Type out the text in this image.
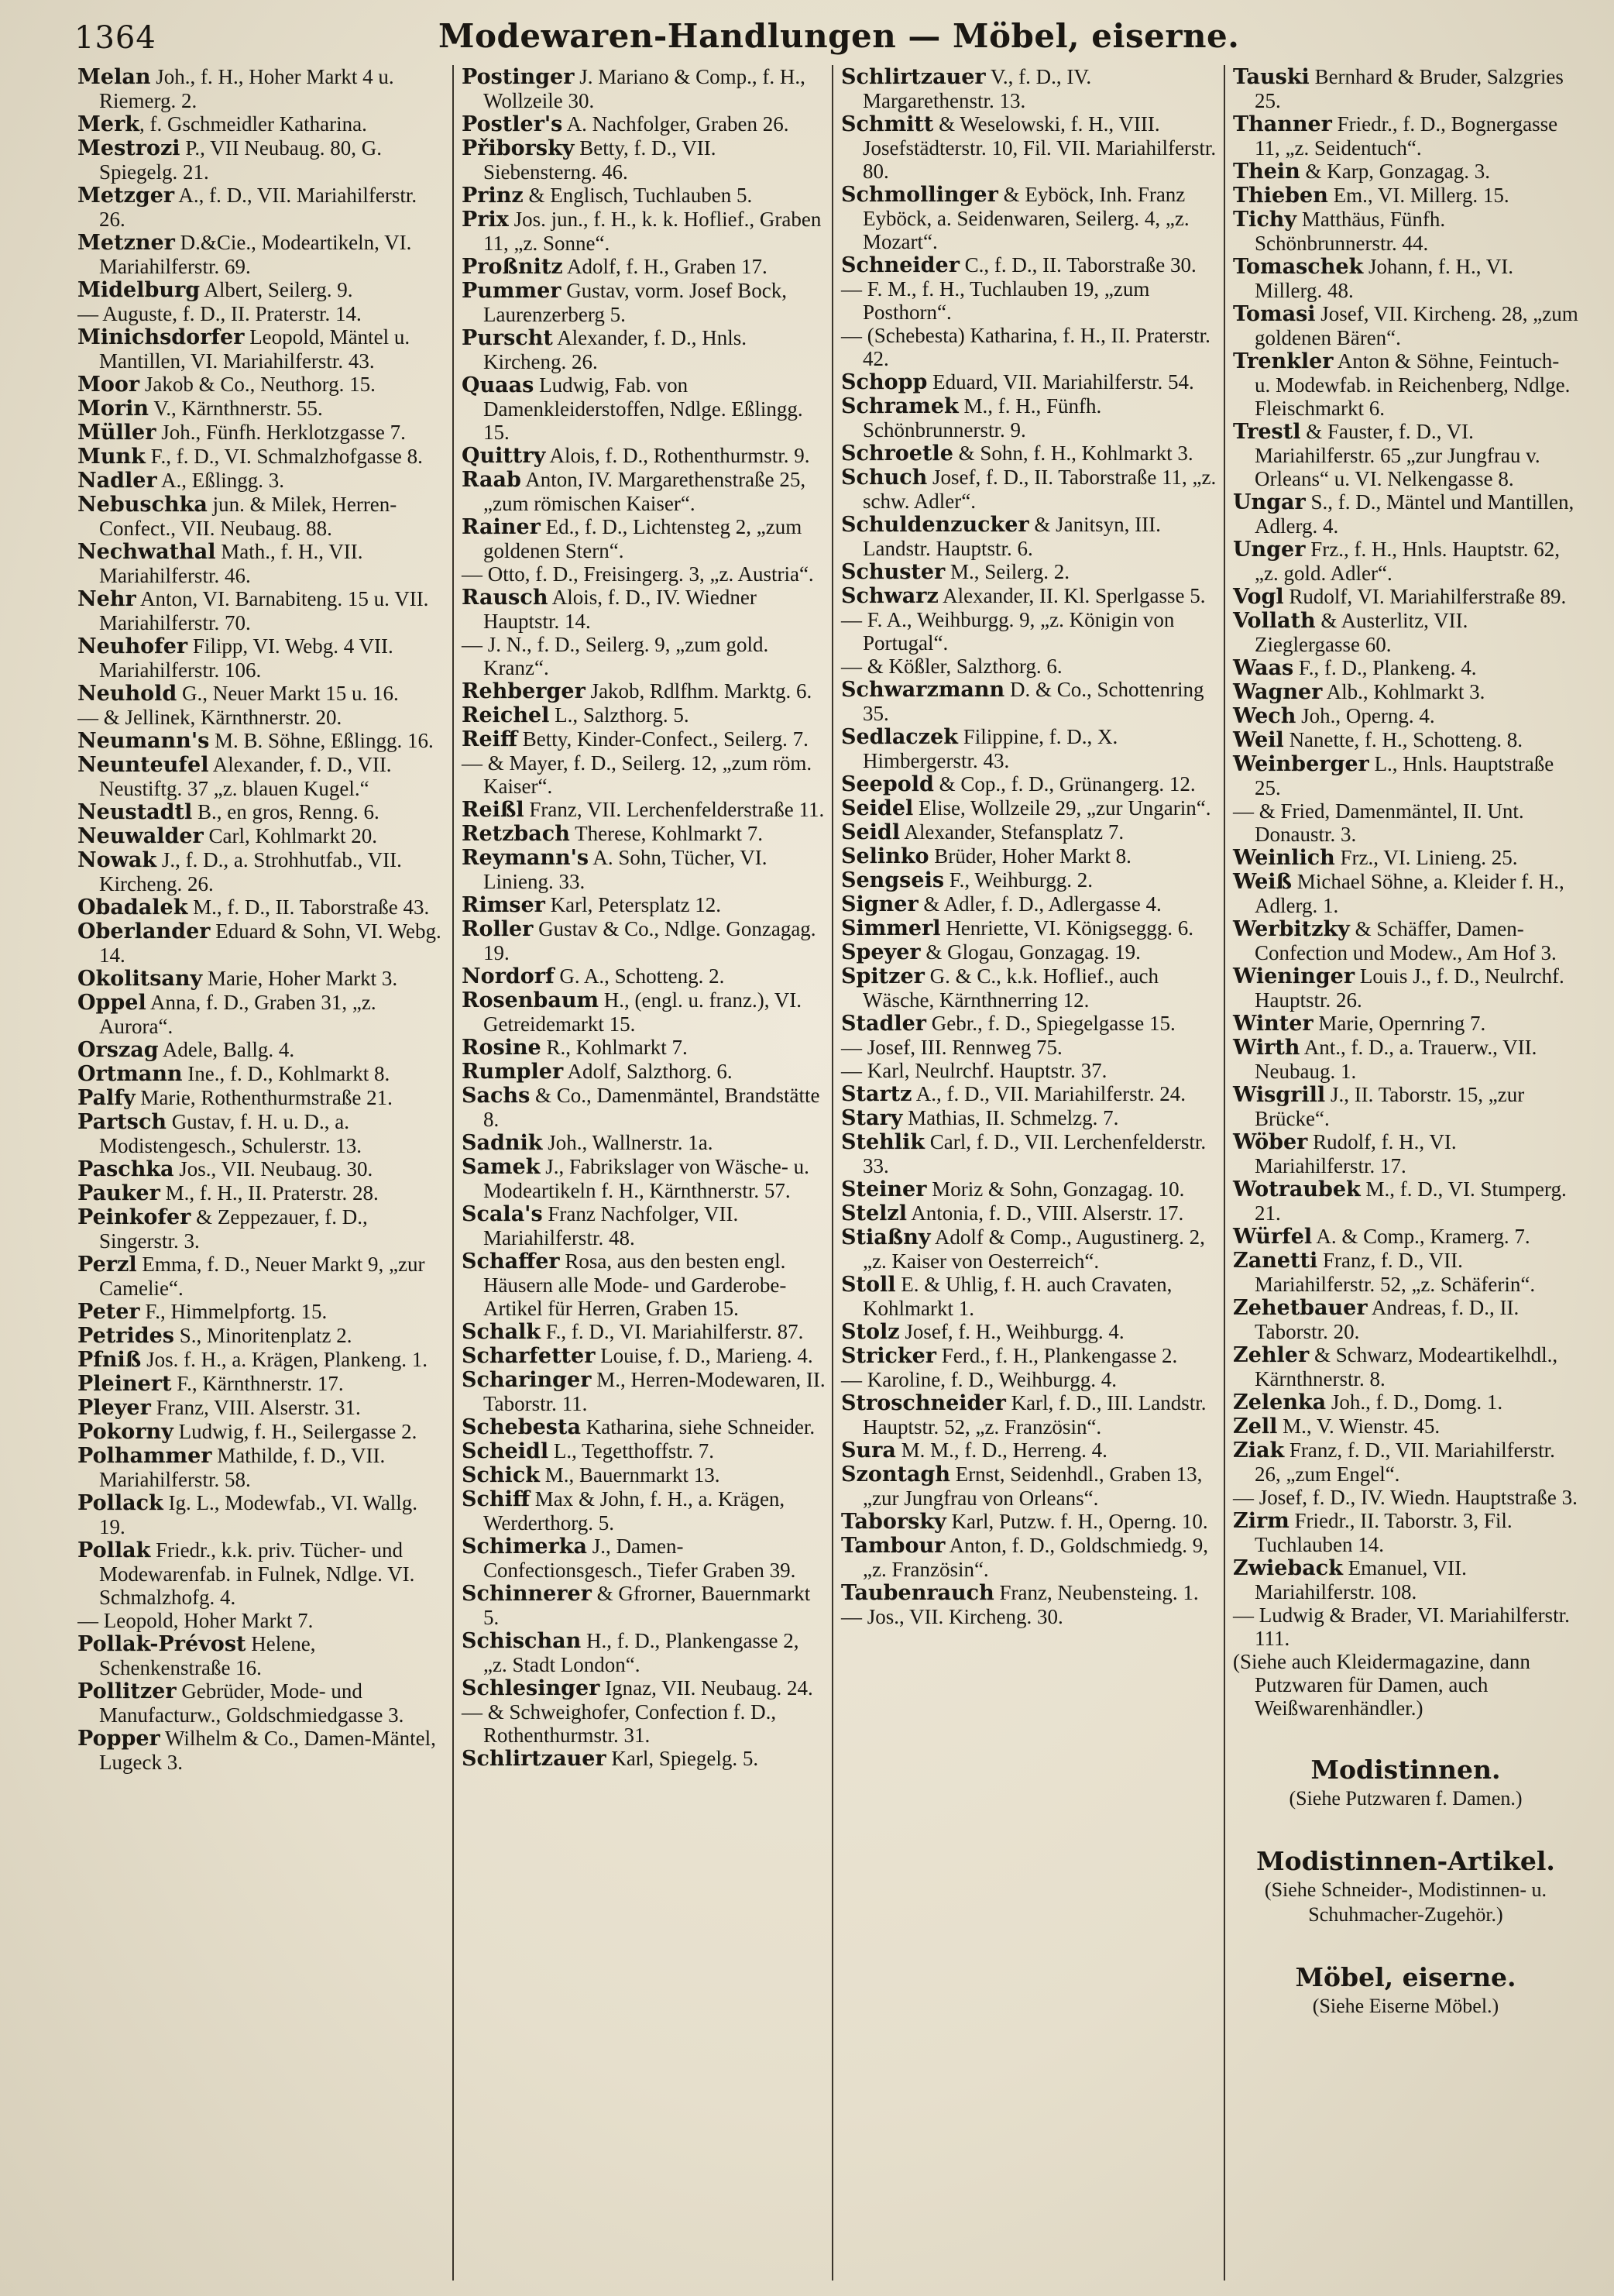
1364	Modewaren-Handlungen — Möbel, eiserne.

Melan Joh., f. H., Hoher Markt 4 u. Riemerg. 2.

Merk, f. Gschmeidler Katharina.

Mestrozi P., VII Neubaug. 80, G. Spiegelg. 21.

Metzger A., f. D., VII. Mariahilferstr. 26.

Metzner D.&Cie., Modeartikeln, VI. Mariahilferstr. 69.

Midelburg Albert, Seilerg. 9.

— Auguste, f. D., II. Praterstr. 14.

Minichsdorfer Leopold, Mäntel u. Mantillen, VI. Mariahilferstr. 43.

Moor Jakob & Co., Neuthorg. 15.

Morin V., Kärnthnerstr. 55.

Müller Joh., Fünfh. Herklotzgasse 7.

Munk F., f. D., VI. Schmalzhofgasse 8.

Nadler A., Eßlingg. 3.

Nebuschka jun. & Milek, Herren-Confect., VII. Neubaug. 88.

Nechwathal Math., f. H., VII. Mariahilferstr. 46.

Nehr Anton, VI. Barnabiteng. 15 u. VII. Mariahilferstr. 70.

Neuhofer Filipp, VI. Webg. 4 VII. Mariahilferstr. 106.

Neuhold G., Neuer Markt 15 u. 16.

— & Jellinek, Kärnthnerstr. 20.

Neumann's M. B. Söhne, Eßlingg. 16.

Neunteufel Alexander, f. D., VII. Neustiftg. 37 „z. blauen Kugel.“

Neustadtl B., en gros, Renng. 6.

Neuwalder Carl, Kohlmarkt 20.

Nowak J., f. D., a. Strohhutfab., VII. Kircheng. 26.

Obadalek M., f. D., II. Taborstraße 43.

Oberlander Eduard & Sohn, VI. Webg. 14.

Okolitsany Marie, Hoher Markt 3.

Oppel Anna, f. D., Graben 31, „z. Aurora“.

Orszag Adele, Ballg. 4.

Ortmann Ine., f. D., Kohlmarkt 8.

Palfy Marie, Rothenthurmstraße 21.

Partsch Gustav, f. H. u. D., a. Modistengesch., Schulerstr. 13.

Paschka Jos., VII. Neubaug. 30.

Pauker M., f. H., II. Praterstr. 28.

Peinkofer & Zeppezauer, f. D., Singerstr. 3.

Perzl Emma, f. D., Neuer Markt 9, „zur Camelie“.

Peter F., Himmelpfortg. 15.

Petrides S., Minoritenplatz 2.

Pfniß Jos. f. H., a. Krägen, Plankeng. 1.

Pleinert F., Kärnthnerstr. 17.

Pleyer Franz, VIII. Alserstr. 31.

Pokorny Ludwig, f. H., Seilergasse 2.

Polhammer Mathilde, f. D., VII. Mariahilferstr. 58.

Pollack Ig. L., Modewfab., VI. Wallg. 19.

Pollak Friedr., k.k. priv. Tücher- und Modewarenfab. in Fulnek, Ndlge. VI. Schmalzhofg. 4.

— Leopold, Hoher Markt 7.

Pollak-Prévost Helene, Schenkenstraße 16.

Pollitzer Gebrüder, Mode- und Manufacturw., Goldschmiedgasse 3.

Popper Wilhelm & Co., Damen-Mäntel, Lugeck 3.

Postinger J. Mariano & Comp., f. H., Wollzeile 30.

Postler's A. Nachfolger, Graben 26.

Přiborsky Betty, f. D., VII. Siebensterng. 46.

Prinz & Englisch, Tuchlauben 5.

Prix Jos. jun., f. H., k. k. Hoflief., Graben 11, „z. Sonne“.

Proßnitz Adolf, f. H., Graben 17.

Pummer Gustav, vorm. Josef Bock, Laurenzerberg 5.

Purscht Alexander, f. D., Hnls. Kircheng. 26.

Quaas Ludwig, Fab. von Damenkleiderstoffen, Ndlge. Eßlingg. 15.

Quittry Alois, f. D., Rothenthurmstr. 9.

Raab Anton, IV. Margarethenstraße 25, „zum römischen Kaiser“.

Rainer Ed., f. D., Lichtensteg 2, „zum goldenen Stern“.

— Otto, f. D., Freisingerg. 3, „z. Austria“.

Rausch Alois, f. D., IV. Wiedner Hauptstr. 14.

— J. N., f. D., Seilerg. 9, „zum gold. Kranz“.

Rehberger Jakob, Rdlfhm. Marktg. 6.

Reichel L., Salzthorg. 5.

Reiff Betty, Kinder-Confect., Seilerg. 7.

— & Mayer, f. D., Seilerg. 12, „zum röm. Kaiser“.

Reißl Franz, VII. Lerchenfelderstraße 11.

Retzbach Therese, Kohlmarkt 7.

Reymann's A. Sohn, Tücher, VI. Linieng. 33.

Rimser Karl, Petersplatz 12.

Roller Gustav & Co., Ndlge. Gonzagag. 19.

Nordorf G. A., Schotteng. 2.

Rosenbaum H., (engl. u. franz.), VI. Getreidemarkt 15.

Rosine R., Kohlmarkt 7.

Rumpler Adolf, Salzthorg. 6.

Sachs & Co., Damenmäntel, Brandstätte 8.

Sadnik Joh., Wallnerstr. 1a.

Samek J., Fabrikslager von Wäsche- u. Modeartikeln f. H., Kärnthnerstr. 57.

Scala's Franz Nachfolger, VII. Mariahilferstr. 48.

Schaffer Rosa, aus den besten engl. Häusern alle Mode- und Garderobe-Artikel für Herren, Graben 15.

Schalk F., f. D., VI. Mariahilferstr. 87.

Scharfetter Louise, f. D., Marieng. 4.

Scharinger M., Herren-Modewaren, II. Taborstr. 11.

Schebesta Katharina, siehe Schneider.

Scheidl L., Tegetthoffstr. 7.

Schick M., Bauernmarkt 13.

Schiff Max & John, f. H., a. Krägen, Werderthorg. 5.

Schimerka J., Damen-Confectionsgesch., Tiefer Graben 39.

Schinnerer & Gfrorner, Bauernmarkt 5.

Schischan H., f. D., Plankengasse 2, „z. Stadt London“.

Schlesinger Ignaz, VII. Neubaug. 24.

— & Schweighofer, Confection f. D., Rothenthurmstr. 31.

Schlirtzauer Karl, Spiegelg. 5.

Schlirtzauer V., f. D., IV. Margarethenstr. 13.

Schmitt & Weselowski, f. H., VIII. Josefstädterstr. 10, Fil. VII. Mariahilferstr. 80.

Schmollinger & Eyböck, Inh. Franz Eyböck, a. Seidenwaren, Seilerg. 4, „z. Mozart“.

Schneider C., f. D., II. Taborstraße 30.

— F. M., f. H., Tuchlauben 19, „zum Posthorn“.

— (Schebesta) Katharina, f. H., II. Praterstr. 42.

Schopp Eduard, VII. Mariahilferstr. 54.

Schramek M., f. H., Fünfh. Schönbrunnerstr. 9.

Schroetle & Sohn, f. H., Kohlmarkt 3.

Schuch Josef, f. D., II. Taborstraße 11, „z. schw. Adler“.

Schuldenzucker & Janitsyn, III. Landstr. Hauptstr. 6.

Schuster M., Seilerg. 2.

Schwarz Alexander, II. Kl. Sperlgasse 5.

— F. A., Weihburgg. 9, „z. Königin von Portugal“.

— & Kößler, Salzthorg. 6.

Schwarzmann D. & Co., Schottenring 35.

Sedlaczek Filippine, f. D., X. Himbergerstr. 43.

Seepold & Cop., f. D., Grünangerg. 12.

Seidel Elise, Wollzeile 29, „zur Ungarin“.

Seidl Alexander, Stefansplatz 7.

Selinko Brüder, Hoher Markt 8.

Sengseis F., Weihburgg. 2.

Signer & Adler, f. D., Adlergasse 4.

Simmerl Henriette, VI. Königseggg. 6.

Speyer & Glogau, Gonzagag. 19.

Spitzer G. & C., k.k. Hoflief., auch Wäsche, Kärnthnerring 12.

Stadler Gebr., f. D., Spiegelgasse 15.

— Josef, III. Rennweg 75.

— Karl, Neulrchf. Hauptstr. 37.

Startz A., f. D., VII. Mariahilferstr. 24.

Stary Mathias, II. Schmelzg. 7.

Stehlik Carl, f. D., VII. Lerchenfelderstr. 33.

Steiner Moriz & Sohn, Gonzagag. 10.

Stelzl Antonia, f. D., VIII. Alserstr. 17.

Stiaßny Adolf & Comp., Augustinerg. 2, „z. Kaiser von Oesterreich“.

Stoll E. & Uhlig, f. H. auch Cravaten, Kohlmarkt 1.

Stolz Josef, f. H., Weihburgg. 4.

Stricker Ferd., f. H., Plankengasse 2.

— Karoline, f. D., Weihburgg. 4.

Stroschneider Karl, f. D., III. Landstr. Hauptstr. 52, „z. Französin“.

Sura M. M., f. D., Herreng. 4.

Szontagh Ernst, Seidenhdl., Graben 13, „zur Jungfrau von Orleans“.

Taborsky Karl, Putzw. f. H., Operng. 10.

Tambour Anton, f. D., Goldschmiedg. 9, „z. Französin“.

Taubenrauch Franz, Neubensteing. 1.

— Jos., VII. Kircheng. 30.

Tauski Bernhard & Bruder, Salzgries 25.

Thanner Friedr., f. D., Bognergasse 11, „z. Seidentuch“.

Thein & Karp, Gonzagag. 3.

Thieben Em., VI. Millerg. 15.

Tichy Matthäus, Fünfh. Schönbrunnerstr. 44.

Tomaschek Johann, f. H., VI. Millerg. 48.

Tomasi Josef, VII. Kircheng. 28, „zum goldenen Bären“.

Trenkler Anton & Söhne, Feintuch- u. Modewfab. in Reichenberg, Ndlge. Fleischmarkt 6.

Trestl & Fauster, f. D., VI. Mariahilferstr. 65 „zur Jungfrau v. Orleans“ u. VI. Nelkengasse 8.

Ungar S., f. D., Mäntel und Mantillen, Adlerg. 4.

Unger Frz., f. H., Hnls. Hauptstr. 62, „z. gold. Adler“.

Vogl Rudolf, VI. Mariahilferstraße 89.

Vollath & Austerlitz, VII. Zieglergasse 60.

Waas F., f. D., Plankeng. 4.

Wagner Alb., Kohlmarkt 3.

Wech Joh., Operng. 4.

Weil Nanette, f. H., Schotteng. 8.

Weinberger L., Hnls. Hauptstraße 25.

— & Fried, Damenmäntel, II. Unt. Donaustr. 3.

Weinlich Frz., VI. Linieng. 25.

Weiß Michael Söhne, a. Kleider f. H., Adlerg. 1.

Werbitzky & Schäffer, Damen-Confection und Modew., Am Hof 3.

Wieninger Louis J., f. D., Neulrchf. Hauptstr. 26.

Winter Marie, Opernring 7.

Wirth Ant., f. D., a. Trauerw., VII. Neubaug. 1.

Wisgrill J., II. Taborstr. 15, „zur Brücke“.

Wöber Rudolf, f. H., VI. Mariahilferstr. 17.

Wotraubek M., f. D., VI. Stumperg. 21.

Würfel A. & Comp., Kramerg. 7.

Zanetti Franz, f. D., VII. Mariahilferstr. 52, „z. Schäferin“.

Zehetbauer Andreas, f. D., II. Taborstr. 20.

Zehler & Schwarz, Modeartikelhdl., Kärnthnerstr. 8.

Zelenka Joh., f. D., Domg. 1.

Zell M., V. Wienstr. 45.

Ziak Franz, f. D., VII. Mariahilferstr. 26, „zum Engel“.

— Josef, f. D., IV. Wiedn. Hauptstraße 3.

Zirm Friedr., II. Taborstr. 3, Fil. Tuchlauben 14.

Zwieback Emanuel, VII. Mariahilferstr. 108.

— Ludwig & Brader, VI. Mariahilferstr. 111.

(Siehe auch Kleidermagazine, dann Putzwaren für Damen, auch Weißwarenhändler.)

Modistinnen.
(Siehe Putzwaren f. Damen.)
Modistinnen-Artikel.
(Siehe Schneider-, Modistinnen- u. Schuhmacher-Zugehör.)
Möbel, eiserne.
(Siehe Eiserne Möbel.)
